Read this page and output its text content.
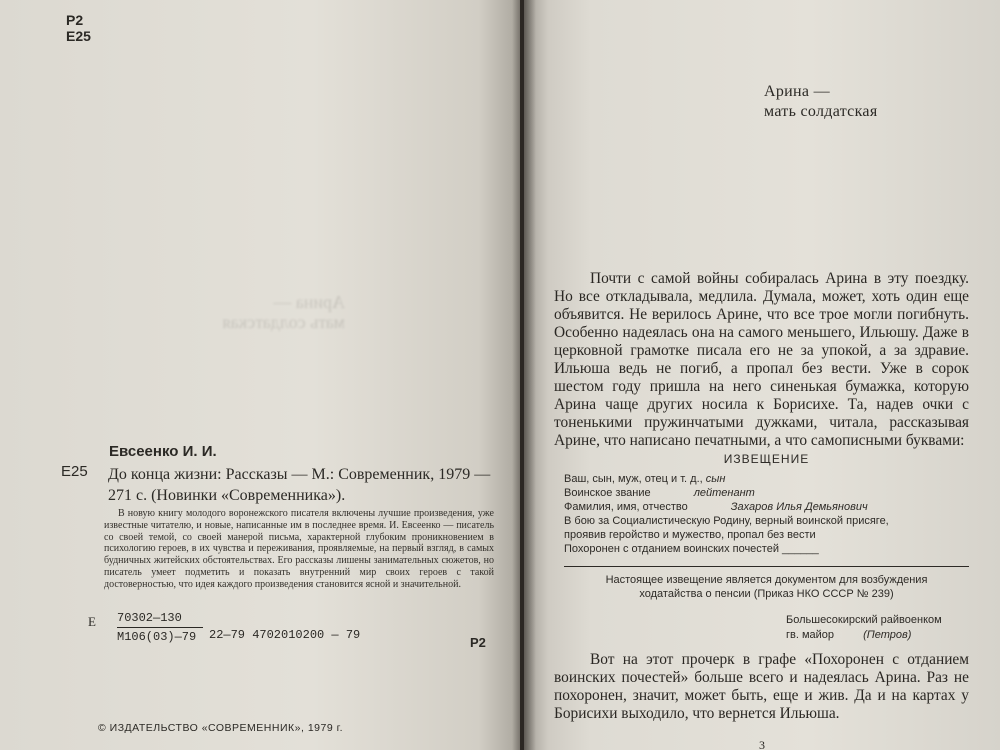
Р2
Е25
Арина —
мать солдатская
Евсеенко И. И.
Е25 До конца жизни: Рассказы — М.: Современник, 1979 — 271 с. (Новинки «Современника»).
В новую книгу молодого воронежского писателя включены лучшие произведения, уже известные читателю, и новые, написанные им в последнее время. И. Евсеенко — писатель со своей темой, со своей манерой письма, характерной глубоким проникновением в психологию героев, в их чувства и переживания, проявляемые, на первый взгляд, в самых будничных житейских обстоятельствах. Его рассказы лишены занимательных сюжетов, но писатель умеет подметить и показать внутренний мир своих героев с такой достоверностью, что идея каждого произведения становится ясной и значительной.
Е 70302—130
М106(03)—79	22—79 4702010200 — 79	Р2
© ИЗДАТЕЛЬСТВО «СОВРЕМЕННИК», 1979 г.
Арина —
мать солдатская
Почти с самой войны собиралась Арина в эту поездку. Но все откладывала, медлила. Думала, может, хоть один еще объявится. Не верилось Арине, что все трое могли погибнуть. Особенно надеялась она на самого меньшего, Ильюшу. Даже в церковной грамотке писала его не за упокой, а за здравие. Ильюша ведь не погиб, а пропал без вести. Уже в сорок шестом году пришла на него синенькая бумажка, которую Арина чаще других носила к Борисихе. Та, надев очки с тоненькими пружинчатыми дужками, читала, рассказывая Арине, что написано печатными, а что самописными буквами:
ИЗВЕЩЕНИЕ
Ваш, сын, муж, отец и т. д., сын
Воинское звание	лейтенант
Фамилия, имя, отчество	Захаров Илья Демьянович
В бою за Социалистическую Родину, верный воинской присяге,
проявив геройство и мужество, пропал без вести
Похоронен с отданием воинских почестей ______
Настоящее извещение является документом для возбуждения
ходатайства о пенсии (Приказ НКО СССР № 239)
Большесокирский райвоенком
гв. майор	(Петров)
Вот на этот прочерк в графе «Похоронен с отданием воинских почестей» больше всего и надеялась Арина. Раз не похоронен, значит, может быть, еще и жив. Да и на картах у Борисихи выходило, что вернется Ильюша.
3
